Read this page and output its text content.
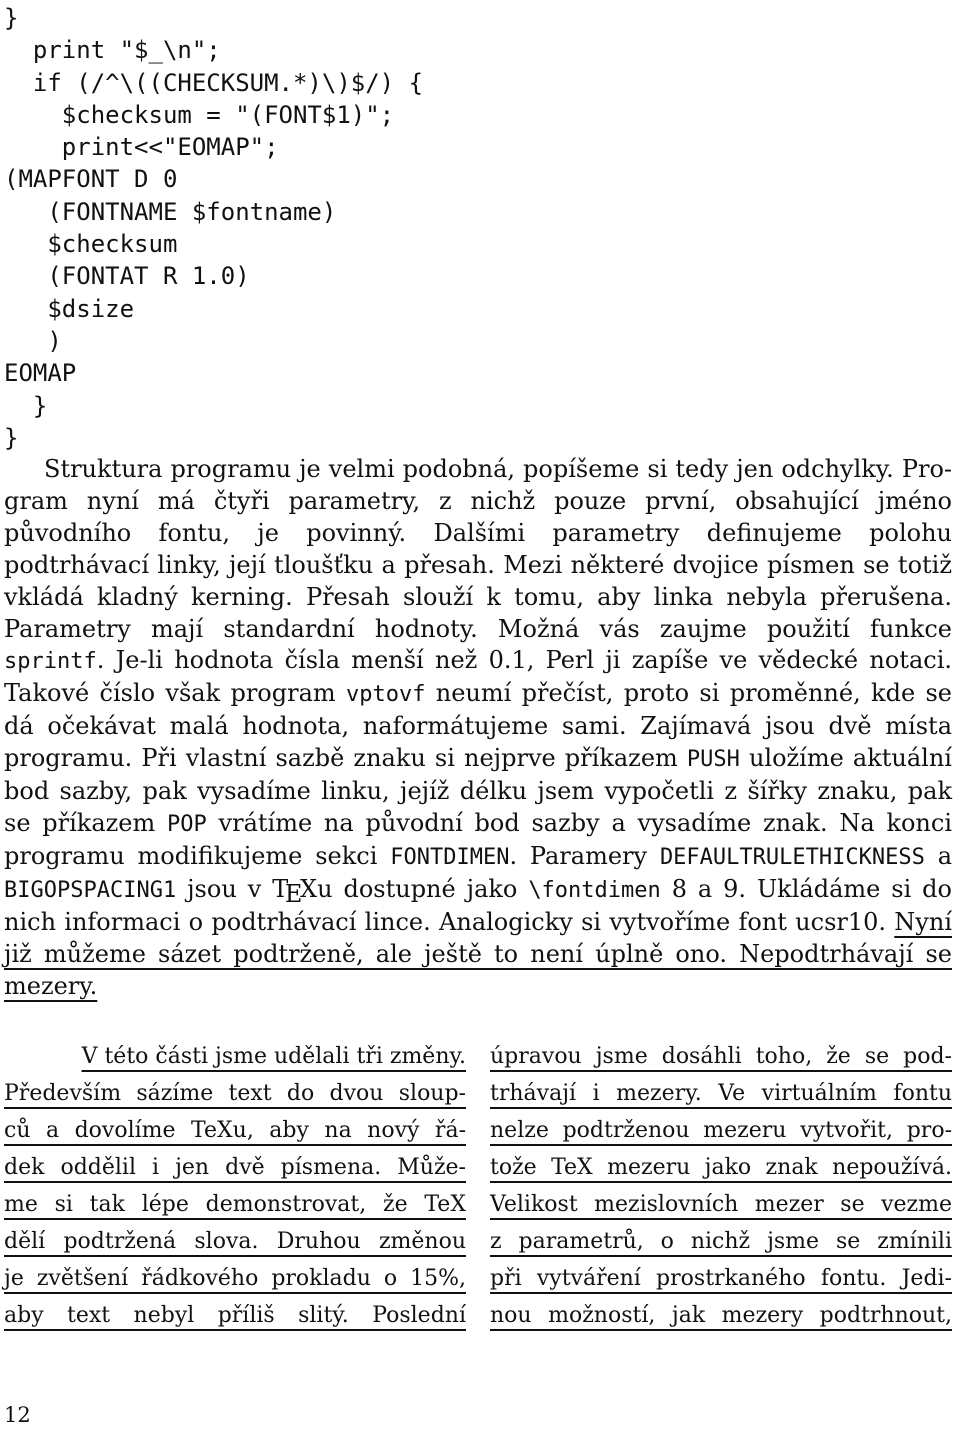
}
print "$_\n";
if (/^\((CHECKSUM.*)\)$/) {
$checksum = "(FONT$1)";
print<<"EOMAP";
(MAPFONT D 0
(FONTNAME $fontname)
$checksum
(FONTAT R 1.0)
$dsize
)
EOMAP
}
}

Struktura programu je velmi podobná, popíšeme si tedy jen odchylky. Program nyní má čtyři parametry, z nichž pouze první, obsahující jméno původního fontu, je povinný. Dalšími parametry definujeme polohu podtrhávací linky, její tloušťku a přesah. Mezi některé dvojice písmen se totiž vkládá kladný kerning. Přesah slouží k tomu, aby linka nebyla přerušena. Parametry mají standardní hodnoty. Možná vás zaujme použití funkce sprintf. Je-li hodnota čísla menší než 0.1, Perl ji zapíše ve vědecké notaci. Takové číslo však program vptovf neumí přečíst, proto si proměnné, kde se dá očekávat malá hodnota, naformátujeme sami. Zajímavá jsou dvě místa programu. Při vlastní sazbě znaku si nejprve příkazem PUSH uložíme aktuální bod sazby, pak vysadíme linku, jejíž délku jsem vypočetli z šířky znaku, pak se příkazem POP vrátíme na původní bod sazby a vysadíme znak. Na konci programu modifikujeme sekci FONTDIMEN. Paramery DEFAULTRULETHICKNESS a BIGOPSPACING1 jsou v TEXu dostupné jako \fontdimen 8 a 9. Ukládáme si do nich informaci o podtrhávací lince. Analogicky si vytvoříme font ucsr10. Nyní již můžeme sázet podtrženě, ale ještě to není úplně ono. Nepodtrhávají se mezery.

V této části jsme udělali tři změny.
Především sázíme text do dvou sloup-
ců a dovolíme TeXu, aby na nový řá-
dek oddělil i jen dvě písmena. Může-
me si tak lépe demonstrovat, že TeX
dělí podtržená slova. Druhou změnou
je zvětšení řádkového prokladu o 15%,
aby text nebyl příliš slitý. Poslední
úpravou jsme dosáhli toho, že se pod-
trhávají i mezery. Ve virtuálním fontu
nelze podtrženou mezeru vytvořit, pro-
tože TeX mezeru jako znak nepoužívá.
Velikost mezislovních mezer se vezme
z parametrů, o nichž jsme se zmínili
při vytváření prostrkaného fontu. Jedi-
nou možností, jak mezery podtrhnout,

12
